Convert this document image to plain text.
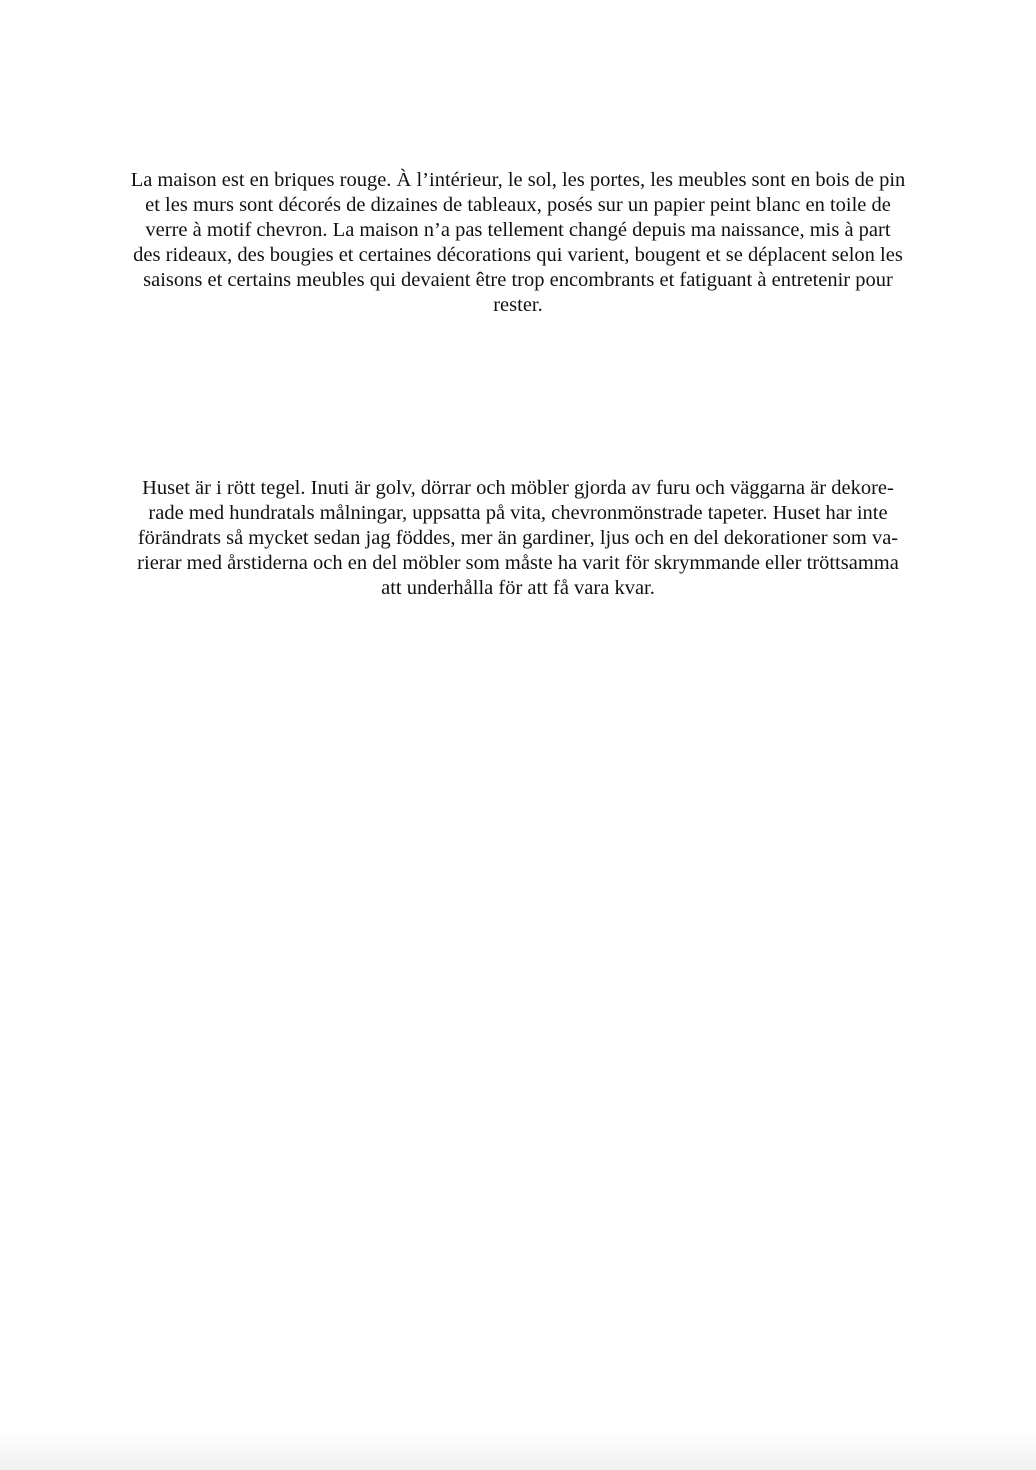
La maison est en briques rouge. À l’intérieur, le sol, les portes, les meubles sont en bois de pin
et les murs sont décorés de dizaines de tableaux, posés sur un papier peint blanc en toile de
verre à motif chevron. La maison n’a pas tellement changé depuis ma naissance, mis à part
des rideaux, des bougies et certaines décorations qui varient, bougent et se déplacent selon les
saisons et certains meubles qui devaient être trop encombrants et fatiguant à entretenir pour
rester.
Huset är i rött tegel. Inuti är golv, dörrar och möbler gjorda av furu och väggarna är dekore-
rade med hundratals målningar, uppsatta på vita, chevronmönstrade tapeter. Huset har inte
förändrats så mycket sedan jag föddes, mer än gardiner, ljus och en del dekorationer som va-
rierar med årstiderna och en del möbler som måste ha varit för skrymmande eller tröttsamma
att underhålla för att få vara kvar.
